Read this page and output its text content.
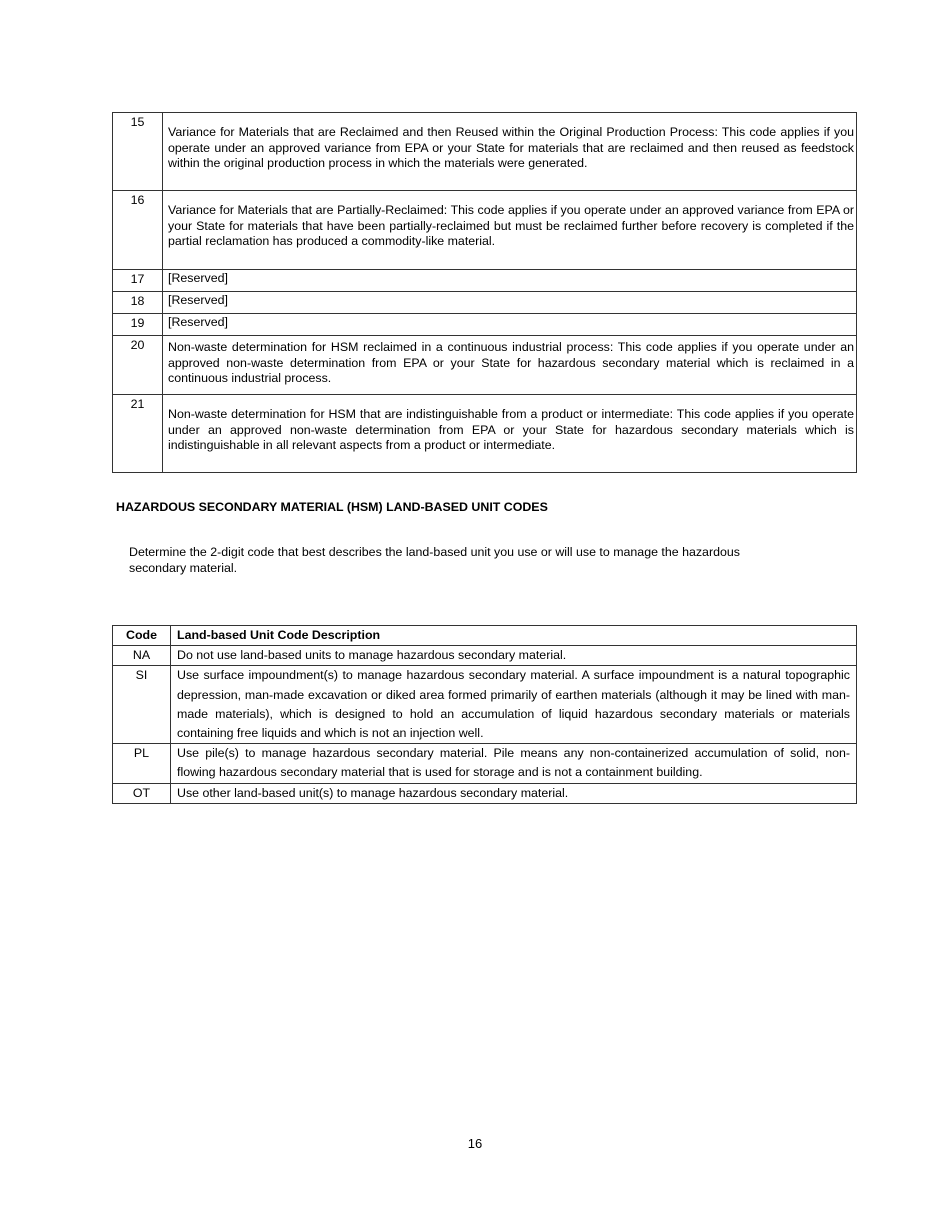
15	Variance for Materials that are Reclaimed and then Reused within the Original Production Process: This code applies if you operate under an approved variance from EPA or your State for materials that are reclaimed and then reused as feedstock within the original production process in which the materials were generated.

16	Variance for Materials that are Partially-Reclaimed: This code applies if you operate under an approved variance from EPA or your State for materials that have been partially-reclaimed but must be reclaimed further before recovery is completed if the partial reclamation has produced a commodity-like material.

17	[Reserved]
18	[Reserved]
19	[Reserved]
20	Non-waste determination for HSM reclaimed in a continuous industrial process: This code applies if you operate under an approved non-waste determination from EPA or your State for hazardous secondary material which is reclaimed in a continuous industrial process.

21	Non-waste determination for HSM that are indistinguishable from a product or intermediate: This code applies if you operate under an approved non-waste determination from EPA or your State for hazardous secondary materials which is indistinguishable in all relevant aspects from a product or intermediate.
HAZARDOUS SECONDARY MATERIAL (HSM) LAND-BASED UNIT CODES

Determine the 2-digit code that best describes the land-based unit you use or will use to manage the hazardous secondary material.

Code	Land-based Unit Code Description
NA	Do not use land-based units to manage hazardous secondary material.
SI	Use surface impoundment(s) to manage hazardous secondary material. A surface impoundment is a natural topographic depression, man-made excavation or diked area formed primarily of earthen materials (although it may be lined with man-made materials), which is designed to hold an accumulation of liquid hazardous secondary materials or materials containing free liquids and which is not an injection well.
PL	Use pile(s) to manage hazardous secondary material. Pile means any non-containerized accumulation of solid, non-flowing hazardous secondary material that is used for storage and is not a containment building.
OT	Use other land-based unit(s) to manage hazardous secondary material.
16
